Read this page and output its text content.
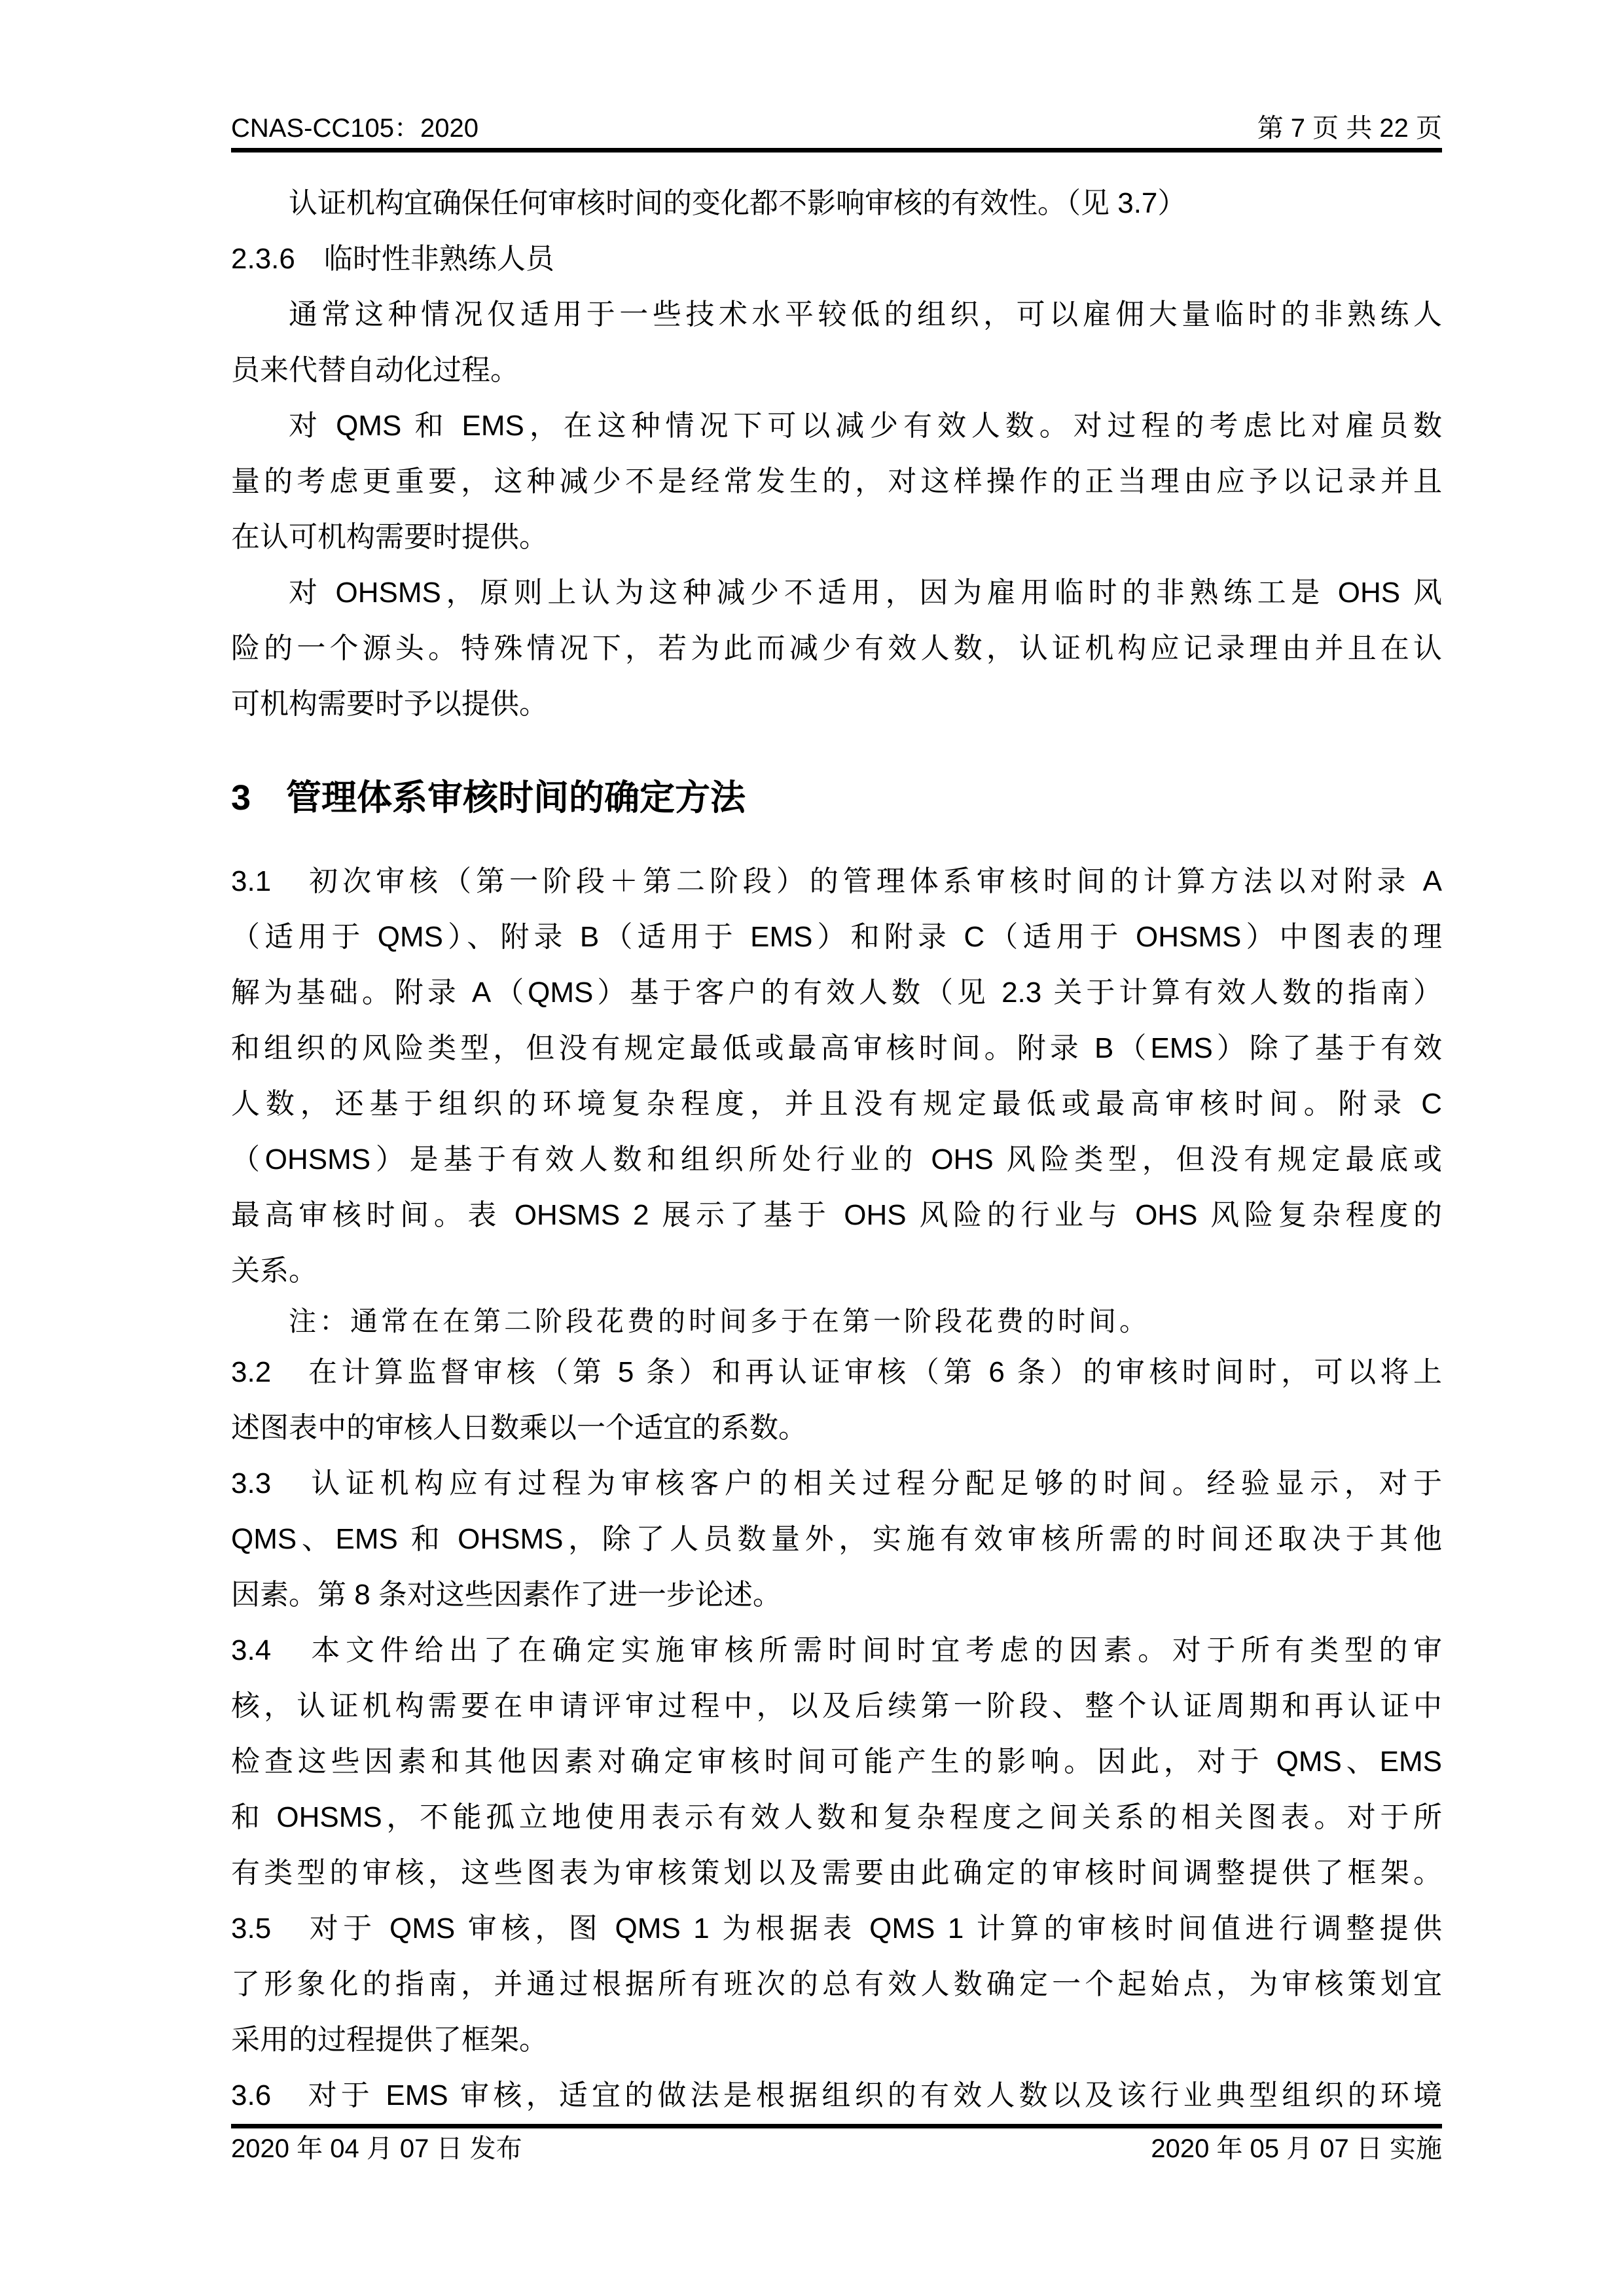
CNAS-CC105：2020	第 7 页 共 22 页
认证机构宜确保任何审核时间的变化都不影响审核的有效性。（见 3.7）
2.3.6　临时性非熟练人员
通常这种情况仅适用于一些技术水平较低的组织，可以雇佣大量临时的非熟练人
员来代替自动化过程。
对 QMS 和 EMS，在这种情况下可以减少有效人数。对过程的考虑比对雇员数
量的考虑更重要，这种减少不是经常发生的，对这样操作的正当理由应予以记录并且
在认可机构需要时提供。
对 OHSMS，原则上认为这种减少不适用，因为雇用临时的非熟练工是 OHS 风
险的一个源头。特殊情况下，若为此而减少有效人数，认证机构应记录理由并且在认
可机构需要时予以提供。
3　管理体系审核时间的确定方法
3.1　初次审核（第一阶段＋第二阶段）的管理体系审核时间的计算方法以对附录 A
（适用于 QMS）、附录 B（适用于 EMS）和附录 C（适用于 OHSMS）中图表的理
解为基础。附录 A（QMS）基于客户的有效人数（见 2.3 关于计算有效人数的指南）
和组织的风险类型，但没有规定最低或最高审核时间。附录 B（EMS）除了基于有效
人数，还基于组织的环境复杂程度，并且没有规定最低或最高审核时间。附录 C
（OHSMS）是基于有效人数和组织所处行业的 OHS 风险类型，但没有规定最底或
最高审核时间。表 OHSMS 2 展示了基于 OHS 风险的行业与 OHS 风险复杂程度的
关系。
注：通常在在第二阶段花费的时间多于在第一阶段花费的时间。
3.2　在计算监督审核（第 5 条）和再认证审核（第 6 条）的审核时间时，可以将上
述图表中的审核人日数乘以一个适宜的系数。
3.3　认证机构应有过程为审核客户的相关过程分配足够的时间。经验显示，对于
QMS、EMS 和 OHSMS，除了人员数量外，实施有效审核所需的时间还取决于其他
因素。第 8 条对这些因素作了进一步论述。
3.4　本文件给出了在确定实施审核所需时间时宜考虑的因素。对于所有类型的审
核，认证机构需要在申请评审过程中，以及后续第一阶段、整个认证周期和再认证中
检查这些因素和其他因素对确定审核时间可能产生的影响。因此，对于 QMS、EMS
和 OHSMS，不能孤立地使用表示有效人数和复杂程度之间关系的相关图表。对于所
有类型的审核，这些图表为审核策划以及需要由此确定的审核时间调整提供了框架。
3.5　对于 QMS 审核，图 QMS 1 为根据表 QMS 1 计算的审核时间值进行调整提供
了形象化的指南，并通过根据所有班次的总有效人数确定一个起始点，为审核策划宜
采用的过程提供了框架。
3.6　对于 EMS 审核，适宜的做法是根据组织的有效人数以及该行业典型组织的环境
2020 年 04 月 07 日 发布	2020 年 05 月 07 日 实施
